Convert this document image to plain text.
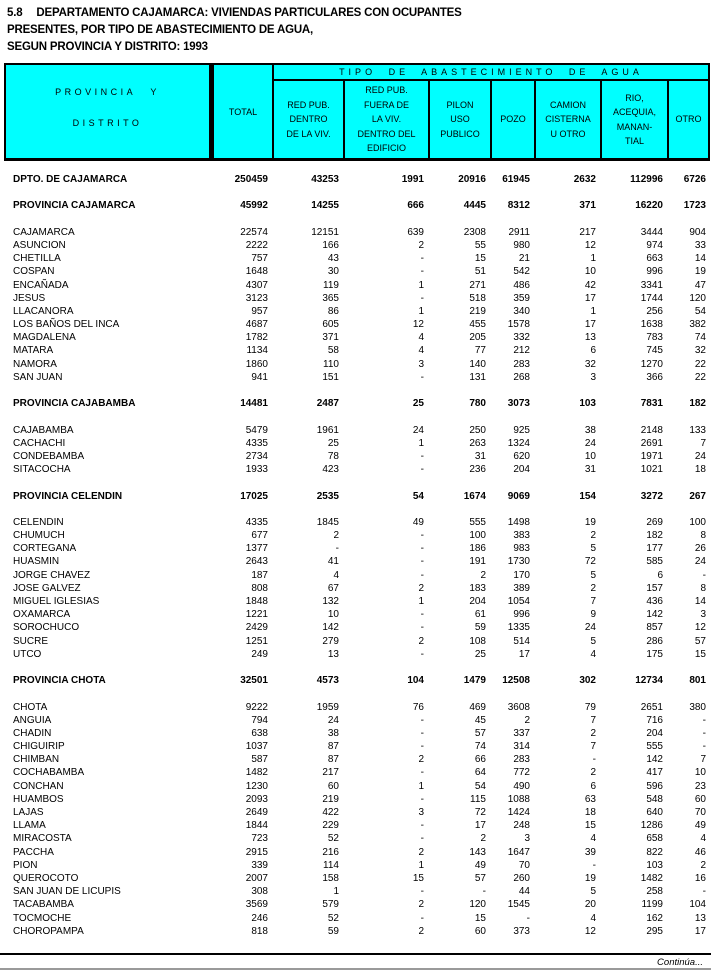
5.8 DEPARTAMENTO CAJAMARCA: VIVIENDAS PARTICULARES CON OCUPANTES
PRESENTES, POR TIPO DE ABASTECIMIENTO DE AGUA,
SEGUN PROVINCIA Y DISTRITO: 1993
PROVINCIA Y
DISTRITO
TOTAL
TIPO DE ABASTECIMIENTO DE AGUA
RED PUB.
DENTRO
DE LA VIV.
RED PUB.
FUERA DE
LA VIV.
DENTRO DEL
EDIFICIO
PILON
USO
PUBLICO
POZO
CAMION
CISTERNA
U OTRO
RIO,
ACEQUIA,
MANAN-
TIAL
OTRO
DPTO. DE CAJAMARCA	250459	43253	1991	20916	61945	2632	112996	6726
PROVINCIA CAJAMARCA	45992	14255	666	4445	8312	371	16220	1723
CAJAMARCA	22574	12151	639	2308	2911	217	3444	904
ASUNCION	2222	166	2	55	980	12	974	33
CHETILLA	757	43	-	15	21	1	663	14
COSPAN	1648	30	-	51	542	10	996	19
ENCAÑADA	4307	119	1	271	486	42	3341	47
JESUS	3123	365	-	518	359	17	1744	120
LLACANORA	957	86	1	219	340	1	256	54
LOS BAÑOS DEL INCA	4687	605	12	455	1578	17	1638	382
MAGDALENA	1782	371	4	205	332	13	783	74
MATARA	1134	58	4	77	212	6	745	32
NAMORA	1860	110	3	140	283	32	1270	22
SAN JUAN	941	151	-	131	268	3	366	22
PROVINCIA CAJABAMBA	14481	2487	25	780	3073	103	7831	182
CAJABAMBA	5479	1961	24	250	925	38	2148	133
CACHACHI	4335	25	1	263	1324	24	2691	7
CONDEBAMBA	2734	78	-	31	620	10	1971	24
SITACOCHA	1933	423	-	236	204	31	1021	18
PROVINCIA CELENDIN	17025	2535	54	1674	9069	154	3272	267
CELENDIN	4335	1845	49	555	1498	19	269	100
CHUMUCH	677	2	-	100	383	2	182	8
CORTEGANA	1377	-	-	186	983	5	177	26
HUASMIN	2643	41	-	191	1730	72	585	24
JORGE CHAVEZ	187	4	-	2	170	5	6	-
JOSE GALVEZ	808	67	2	183	389	2	157	8
MIGUEL IGLESIAS	1848	132	1	204	1054	7	436	14
OXAMARCA	1221	10	-	61	996	9	142	3
SOROCHUCO	2429	142	-	59	1335	24	857	12
SUCRE	1251	279	2	108	514	5	286	57
UTCO	249	13	-	25	17	4	175	15
PROVINCIA CHOTA	32501	4573	104	1479	12508	302	12734	801
CHOTA	9222	1959	76	469	3608	79	2651	380
ANGUIA	794	24	-	45	2	7	716	-
CHADIN	638	38	-	57	337	2	204	-
CHIGUIRIP	1037	87	-	74	314	7	555	-
CHIMBAN	587	87	2	66	283	-	142	7
COCHABAMBA	1482	217	-	64	772	2	417	10
CONCHAN	1230	60	1	54	490	6	596	23
HUAMBOS	2093	219	-	115	1088	63	548	60
LAJAS	2649	422	3	72	1424	18	640	70
LLAMA	1844	229	-	17	248	15	1286	49
MIRACOSTA	723	52	-	2	3	4	658	4
PACCHA	2915	216	2	143	1647	39	822	46
PION	339	114	1	49	70	-	103	2
QUEROCOTO	2007	158	15	57	260	19	1482	16
SAN JUAN DE LICUPIS	308	1	-	-	44	5	258	-
TACABAMBA	3569	579	2	120	1545	20	1199	104
TOCMOCHE	246	52	-	15	-	4	162	13
CHOROPAMPA	818	59	2	60	373	12	295	17
Continúa...
